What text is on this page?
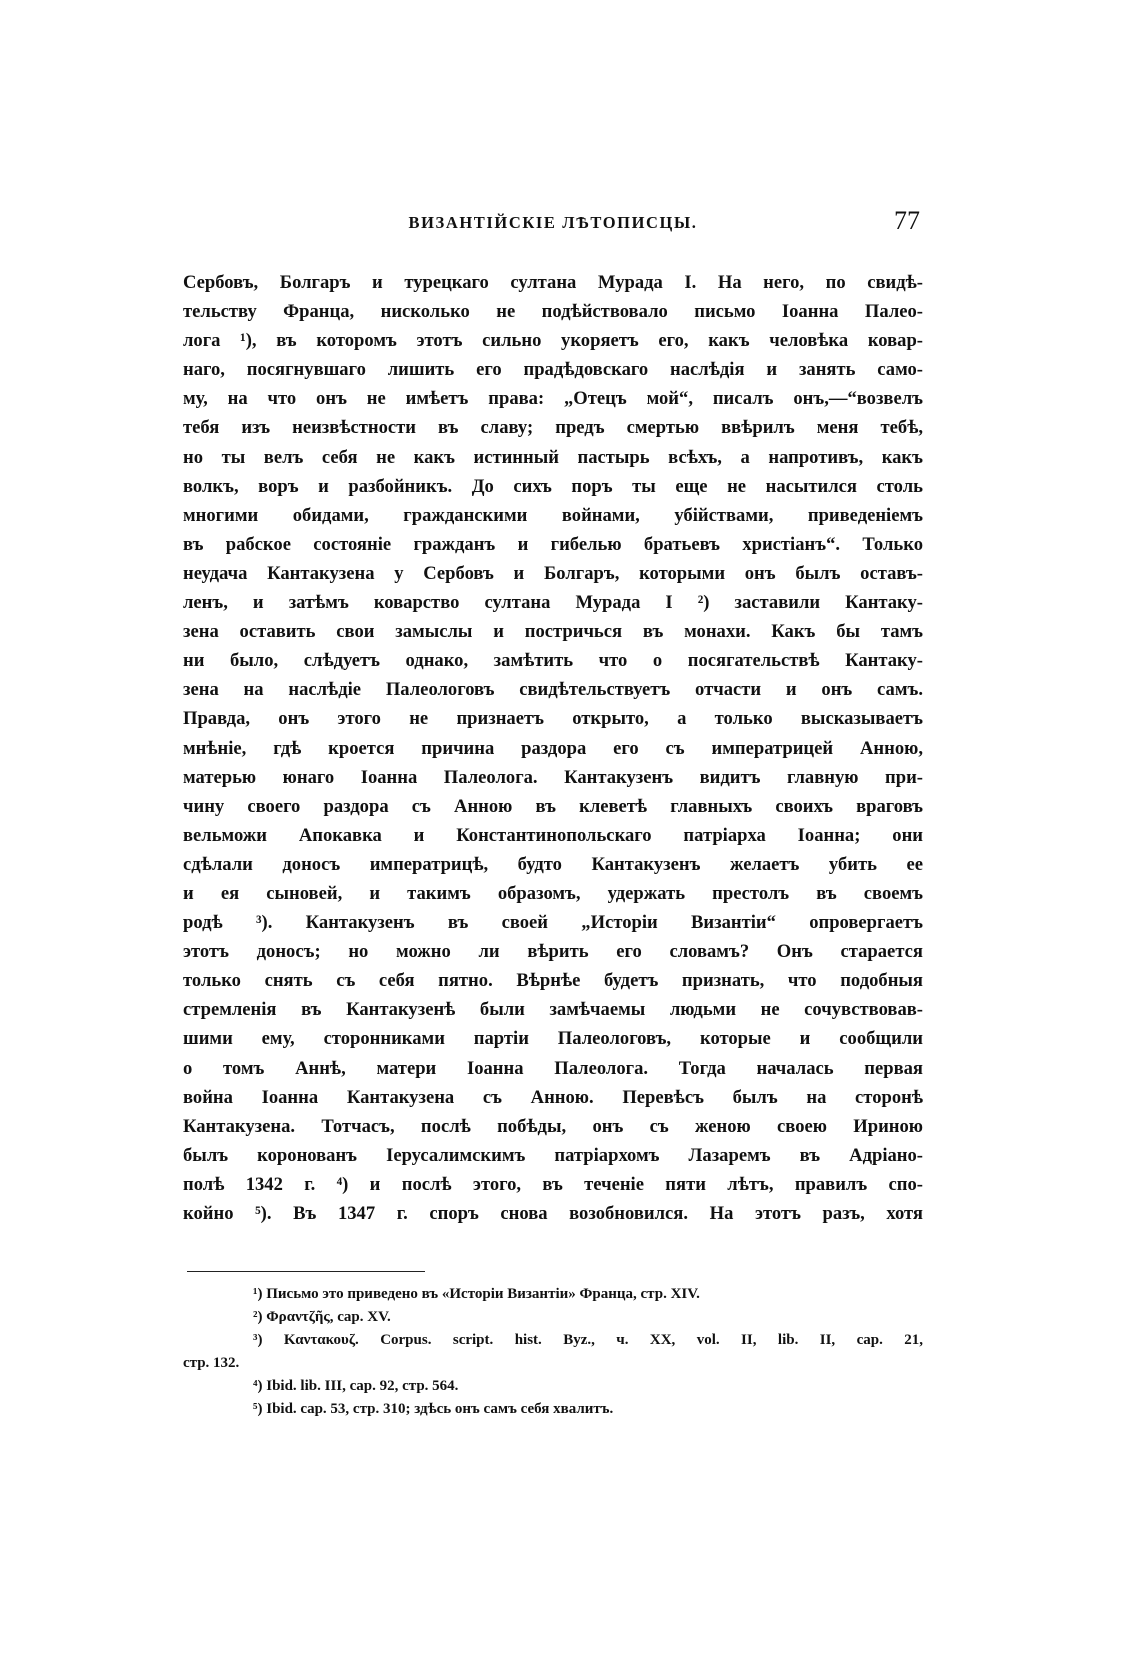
ВИЗАНТІЙСКІЕ ЛѢТОПИСЦЫ.	77
Сербовъ, Болгаръ и турецкаго султана Мурада I. На него, по свидѣ-
тельству Франца, нисколько не подѣйствовало письмо Іоанна Палео-
лога ¹), въ которомъ этотъ сильно укоряетъ его, какъ человѣка ковар-
наго, посягнувшаго лишить его прадѣдовскаго наслѣдія и занять само-
му, на что онъ не имѣетъ права: „Отецъ мой“, писалъ онъ,—“возвелъ
тебя изъ неизвѣстности въ славу; предъ смертью ввѣрилъ меня тебѣ,
но ты велъ себя не какъ истинный пастырь всѣхъ, а напротивъ, какъ
волкъ, воръ и разбойникъ. До сихъ поръ ты еще не насытился столь
многими обидами, гражданскими войнами, убійствами, приведеніемъ
въ рабское состояніе гражданъ и гибелью братьевъ христіанъ“. Только
неудача Кантакузена у Сербовъ и Болгаръ, которыми онъ былъ оставъ-
ленъ, и затѣмъ коварство султана Мурада I ²) заставили Кантаку-
зена оставить свои замыслы и постричься въ монахи. Какъ бы тамъ
ни было, слѣдуетъ однако, замѣтить что о посягательствѣ Кантаку-
зена на наслѣдіе Палеологовъ свидѣтельствуетъ отчасти и онъ самъ.
Правда, онъ этого не признаетъ открыто, а только высказываетъ
мнѣніе, гдѣ кроется причина раздора его съ императрицей Анною,
матерью юнаго Іоанна Палеолога. Кантакузенъ видитъ главную при-
чину своего раздора съ Анною въ клеветѣ главныхъ своихъ враговъ
вельможи Апокавка и Константинопольскаго патріарха Іоанна; они
сдѣлали доносъ императрицѣ, будто Кантакузенъ желаетъ убить ее
и ея сыновей, и такимъ образомъ, удержать престолъ въ своемъ
родѣ ³). Кантакузенъ въ своей „Исторіи Византіи“ опровергаетъ
этотъ доносъ; но можно ли вѣрить его словамъ? Онъ старается
только снять съ себя пятно. Вѣрнѣе будетъ признать, что подобныя
стремленія въ Кантакузенѣ были замѣчаемы людьми не сочувствовав-
шими ему, сторонниками партіи Палеологовъ, которые и сообщили
о томъ Аннѣ, матери Іоанна Палеолога. Тогда началась первая
война Іоанна Кантакузена съ Анною. Перевѣсъ былъ на сторонѣ
Кантакузена. Тотчасъ, послѣ побѣды, онъ съ женою своею Ириною
былъ коронованъ Іерусалимскимъ патріархомъ Лазаремъ въ Адріано-
полѣ 1342 г. ⁴) и послѣ этого, въ теченіе пяти лѣтъ, правилъ спо-
койно ⁵). Въ 1347 г. споръ снова возобновился. На этотъ разъ, хотя
¹) Письмо это приведено въ «Исторіи Византіи» Франца, стр. XIV.
²) Φραντζῆς, cap. XV.
³) Καντακουζ. Corpus. script. hist. Byz., ч. XX, vol. II, lib. II, cap. 21,
стр. 132.
⁴) Ibid. lib. III, cap. 92, стр. 564.
⁵) Ibid. cap. 53, стр. 310; здѣсь онъ самъ себя хвалитъ.
